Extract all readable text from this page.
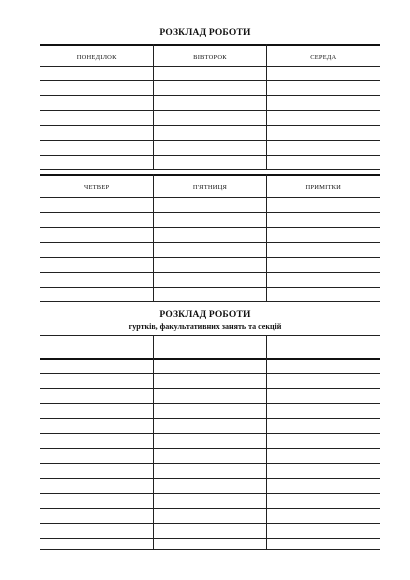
РОЗКЛАД РОБОТИ
ПОНЕДІЛОК	ВІВТОРОК	СЕРЕДА
ЧЕТВЕР	П'ЯТНИЦЯ	ПРИМІТКИ
РОЗКЛАД РОБОТИ
гуртків, факультативних занять та секцій
